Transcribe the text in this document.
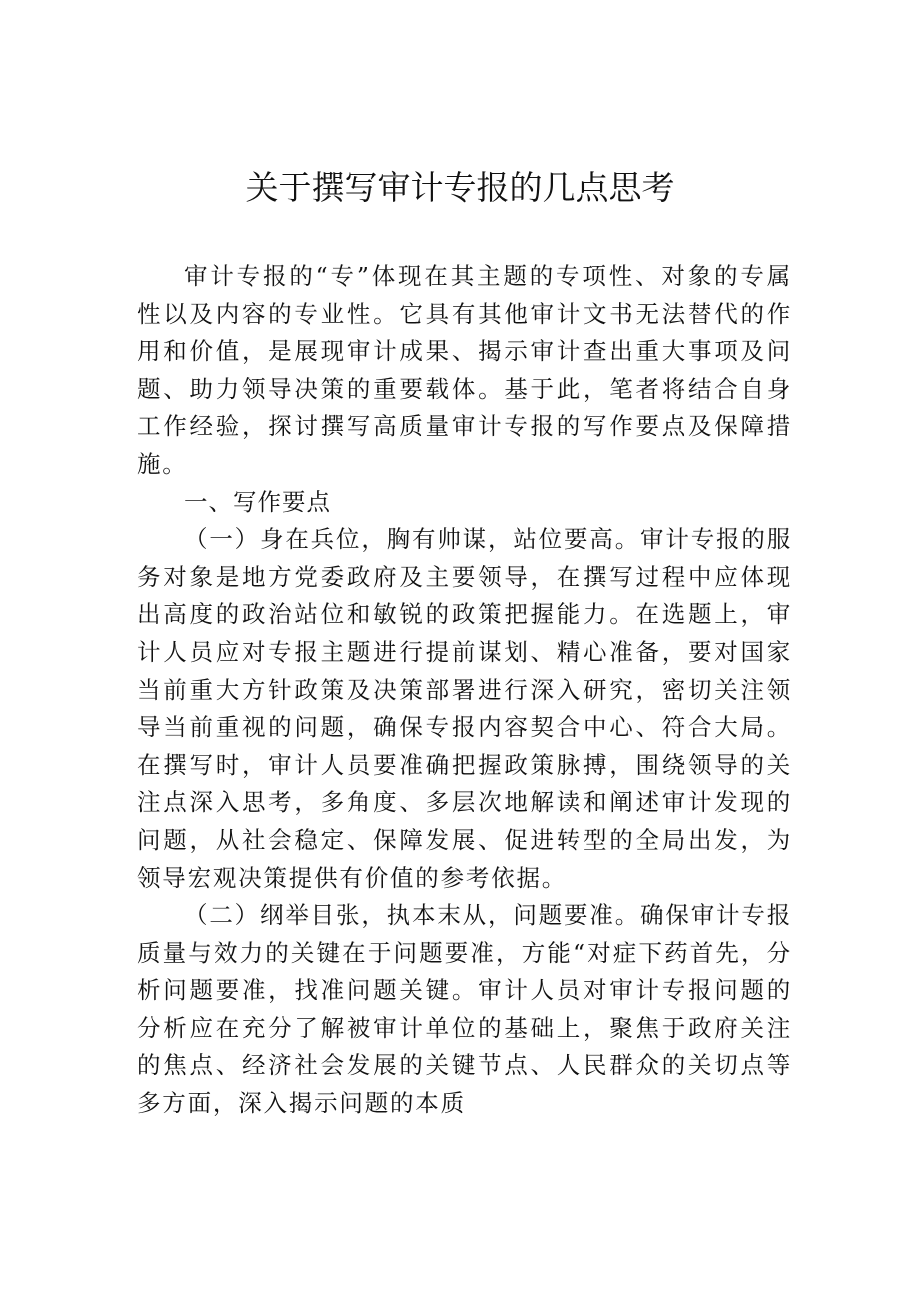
关于撰写审计专报的几点思考

审计专报的“专”体现在其主题的专项性、对象的专属性以及内容的专业性。它具有其他审计文书无法替代的作用和价值，是展现审计成果、揭示审计查出重大事项及问题、助力领导决策的重要载体。基于此，笔者将结合自身工作经验，探讨撰写高质量审计专报的写作要点及保障措施。

一、写作要点

（一）身在兵位，胸有帅谋，站位要高。审计专报的服务对象是地方党委政府及主要领导，在撰写过程中应体现出高度的政治站位和敏锐的政策把握能力。在选题上，审计人员应对专报主题进行提前谋划、精心准备，要对国家当前重大方针政策及决策部署进行深入研究，密切关注领导当前重视的问题，确保专报内容契合中心、符合大局。在撰写时，审计人员要准确把握政策脉搏，围绕领导的关注点深入思考，多角度、多层次地解读和阐述审计发现的问题，从社会稳定、保障发展、促进转型的全局出发，为领导宏观决策提供有价值的参考依据。

（二）纲举目张，执本末从，问题要准。确保审计专报质量与效力的关键在于问题要准，方能“对症下药首先，分析问题要准，找准问题关键。审计人员对审计专报问题的分析应在充分了解被审计单位的基础上，聚焦于政府关注的焦点、经济社会发展的关键节点、人民群众的关切点等多方面，深入揭示问题的本质
